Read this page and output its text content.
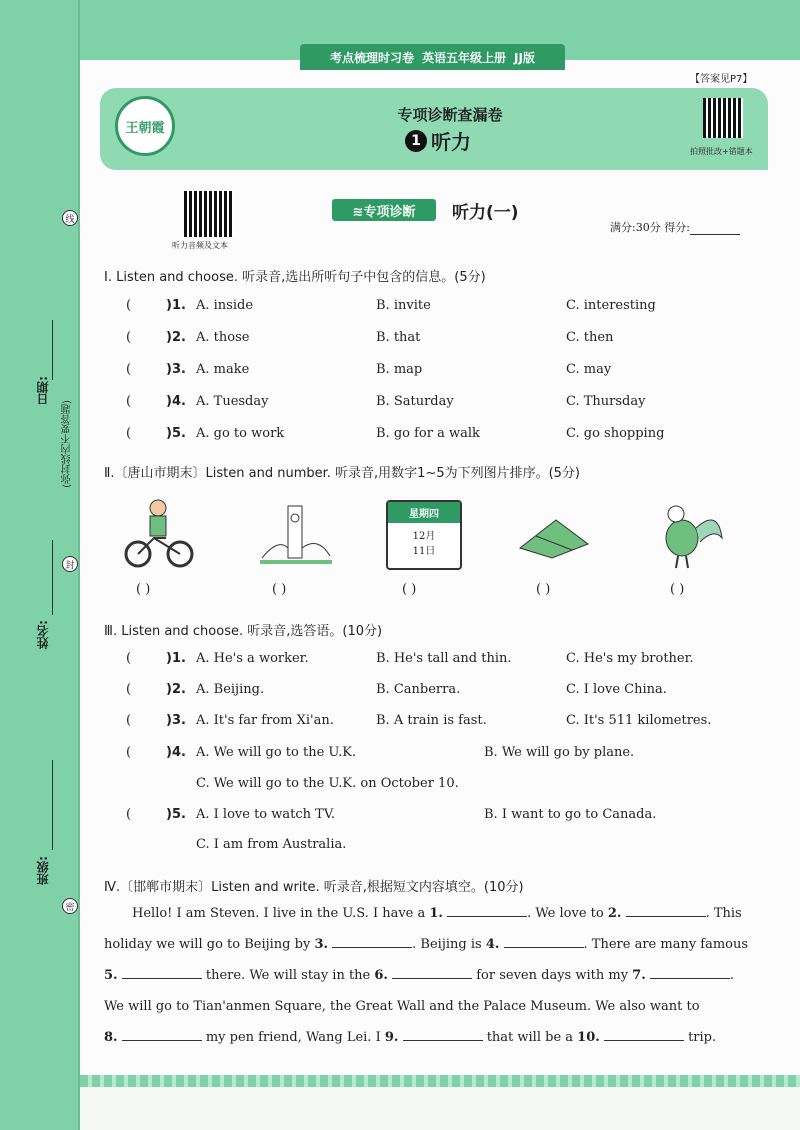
考点梳理时习卷 英语五年级上册 JJ版
【答案见P7】
王朝霞
专项诊断查漏卷
1 听力	拍照批改+错题本
听力音频及文本
≋专项诊断	听力(一)
满分:30分 得分:
Ⅰ. Listen and choose. 听录音,选出所听句子中包含的信息。(5分)
(	)1. A. inside	B. invite	C. interesting
(	)2. A. those	B. that	C. then
(	)3. A. make	B. map	C. may
(	)4. A. Tuesday	B. Saturday	C. Thursday
(	)5. A. go to work	B. go for a walk	C. go shopping
Ⅱ.〔唐山市期末〕Listen and number. 听录音,用数字1~5为下列图片排序。(5分)
星期四
12月
11日
( )	( )	( )	( )	( )
Ⅲ. Listen and choose. 听录音,选答语。(10分)
(	)1. A. He's a worker.	B. He's tall and thin.	C. He's my brother.
(	)2. A. Beijing.	B. Canberra.	C. I love China.
(	)3. A. It's far from Xi'an.	B. A train is fast.	C. It's 511 kilometres.
(	)4. A. We will go to the U.K.	B. We will go by plane.
C. We will go to the U.K. on October 10.
(	)5. A. I love to watch TV.	B. I want to go to Canada.
C. I am from Australia.
Ⅳ.〔邯郸市期末〕Listen and write. 听录音,根据短文内容填空。(10分)
Hello! I am Steven. I live in the U.S. I have a 1.	. We love to 2.	. This
holiday we will go to Beijing by 3.	. Beijing is 4.	. There are many famous
5.	there. We will stay in the 6.	for seven days with my 7.	.
We will go to Tian'anmen Square, the Great Wall and the Palace Museum. We also want to
8.	my pen friend, Wang Lei. I 9.	that will be a 10.	trip.
日期:
姓名:
班级:
(弥封线内不要答题)
线
封
密
